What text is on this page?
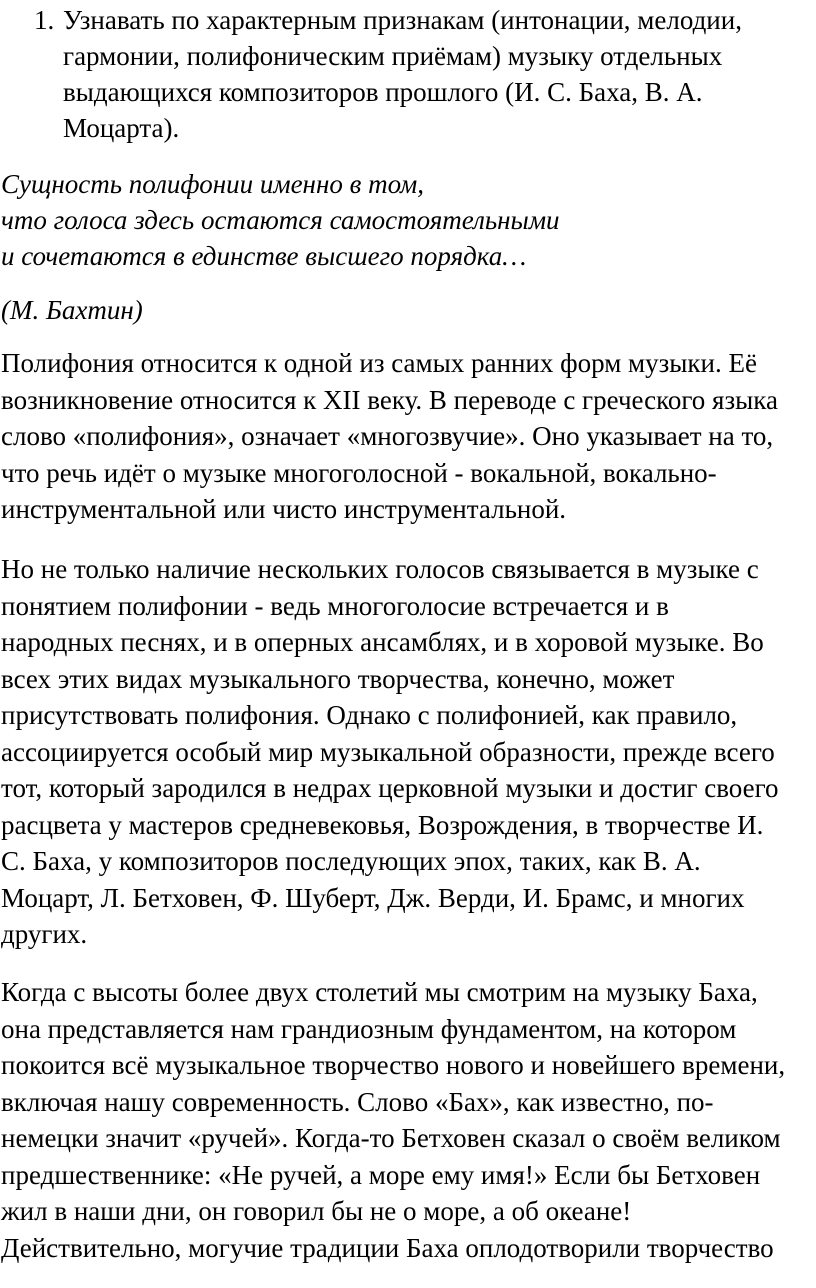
1. Узнавать по характерным признакам (интонации, мелодии,
гармонии, полифоническим приёмам) музыку отдельных
выдающихся композиторов прошлого (И. С. Баха, В. А.
Моцарта).
Сущность полифонии именно в том,
что голоса здесь остаются самостоятельными
и сочетаются в единстве высшего порядка…
(М. Бахтин)
Полифония относится к одной из самых ранних форм музыки. Её
возникновение относится к XII веку. В переводе с греческого языка
слово «полифония», означает «многозвучие». Оно указывает на то,
что речь идёт о музыке многоголосной - вокальной, вокально-
инструментальной или чисто инструментальной.
Но не только наличие нескольких голосов связывается в музыке с
понятием полифонии - ведь многоголосие встречается и в
народных песнях, и в оперных ансамблях, и в хоровой музыке. Во
всех этих видах музыкального творчества, конечно, может
присутствовать полифония. Однако с полифонией, как правило,
ассоциируется особый мир музыкальной образности, прежде всего
тот, который зародился в недрах церковной музыки и достиг своего
расцвета у мастеров средневековья, Возрождения, в творчестве И.
С. Баха, у композиторов последующих эпох, таких, как В. А.
Моцарт, Л. Бетховен, Ф. Шуберт, Дж. Верди, И. Брамс, и многих
других.
Когда с высоты более двух столетий мы смотрим на музыку Баха,
она представляется нам грандиозным фундаментом, на котором
покоится всё музыкальное творчество нового и новейшего времени,
включая нашу современность. Слово «Бах», как известно, по-
немецки значит «ручей». Когда-то Бетховен сказал о своём великом
предшественнике: «Не ручей, а море ему имя!» Если бы Бетховен
жил в наши дни, он говорил бы не о море, а об океане!
Действительно, могучие традиции Баха оплодотворили творчество
